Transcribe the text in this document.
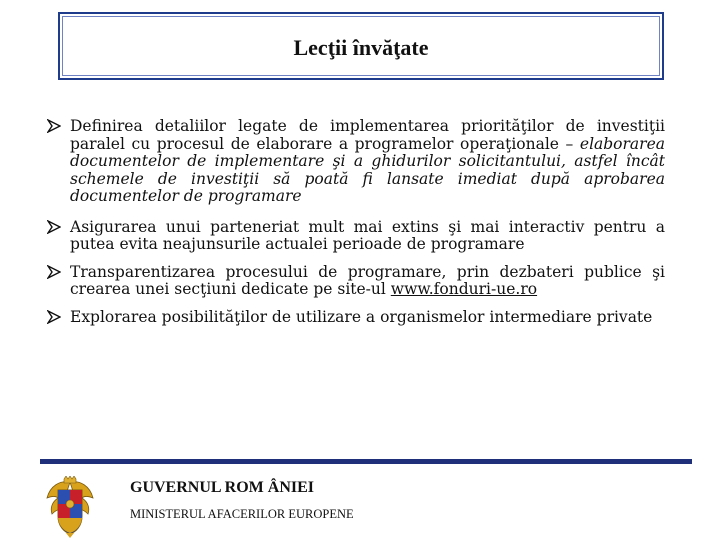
Lecţii învăţate
Definirea detaliilor legate de implementarea priorităţilor de investiţii paralel cu procesul de elaborare a programelor operaţionale – elaborarea documentelor de implementare şi a ghidurilor solicitantului, astfel încât schemele de investiţii să poată fi lansate imediat după aprobarea documentelor de programare
Asigurarea unui parteneriat mult mai extins şi mai interactiv pentru a putea evita neajunsurile actualei perioade de programare
Transparentizarea procesului de programare, prin dezbateri publice şi crearea unei secţiuni dedicate pe site-ul www.fonduri-ue.ro
Explorarea posibilităţilor de utilizare a organismelor intermediare private
GUVERNUL ROM ÂNIEI
MINISTERUL AFACERILOR EUROPENE
